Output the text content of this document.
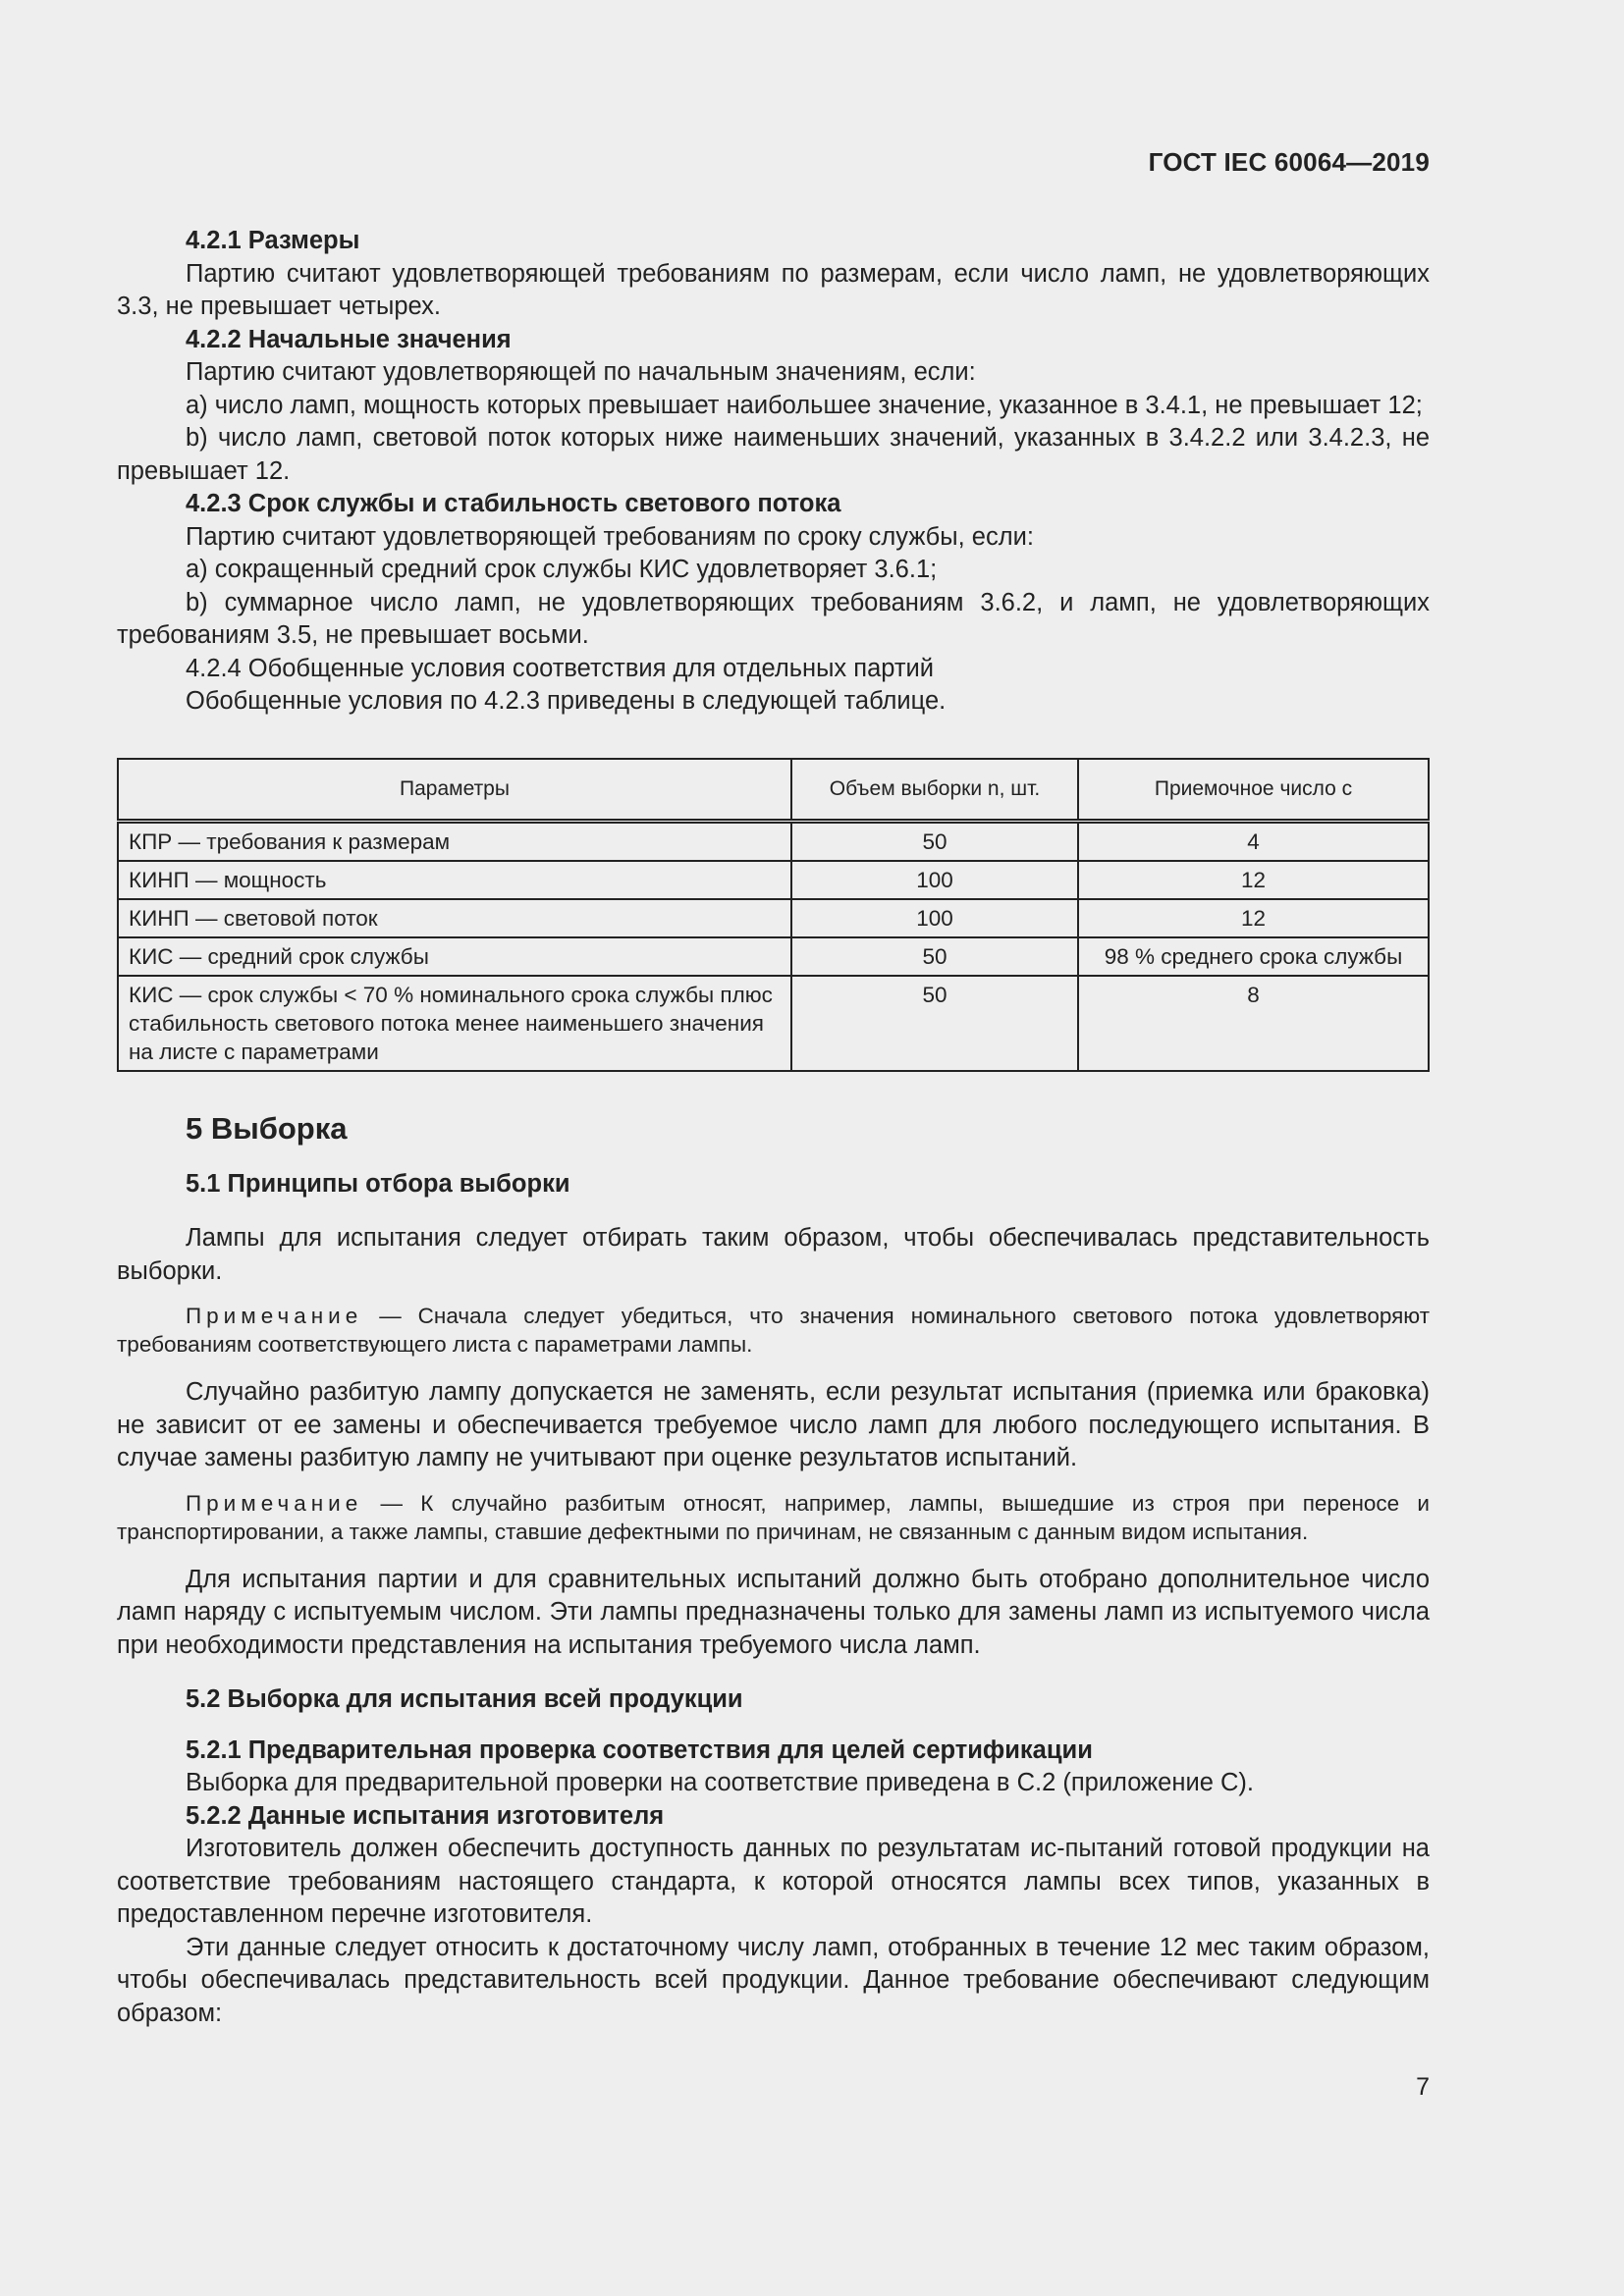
ГОСТ IEC 60064—2019

4.2.1 Размеры

Партию считают удовлетворяющей требованиям по размерам, если число ламп, не удовлетворяющих 3.3, не превышает четырех.

4.2.2 Начальные значения

Партию считают удовлетворяющей по начальным значениям, если:

а) число ламп, мощность которых превышает наибольшее значение, указанное в 3.4.1, не превышает 12;

b) число ламп, световой поток которых ниже наименьших значений, указанных в 3.4.2.2 или 3.4.2.3, не превышает 12.

4.2.3 Срок службы и стабильность светового потока

Партию считают удовлетворяющей требованиям по сроку службы, если:

а) сокращенный средний срок службы КИС удовлетворяет 3.6.1;

b) суммарное число ламп, не удовлетворяющих требованиям 3.6.2, и ламп, не удовлетворяющих требованиям 3.5, не превышает восьми.

4.2.4 Обобщенные условия соответствия для отдельных партий

Обобщенные условия по 4.2.3 приведены в следующей таблице.

Параметры	Объем выборки n, шт.	Приемочное число c
КПР — требования к размерам	50	4
КИНП — мощность	100	12
КИНП — световой поток	100	12
КИС — средний срок службы	50	98 % среднего срока службы
КИС — срок службы < 70 % номинального срока службы плюс стабильность светового потока менее наименьшего значения на листе с параметрами	50	8
5 Выборка

5.1 Принципы отбора выборки

Лампы для испытания следует отбирать таким образом, чтобы обеспечивалась представительность выборки.

Примечание — Сначала следует убедиться, что значения номинального светового потока удовлетворяют требованиям соответствующего листа с параметрами лампы.

Случайно разбитую лампу допускается не заменять, если результат испытания (приемка или браковка) не зависит от ее замены и обеспечивается требуемое число ламп для любого последующего испытания. В случае замены разбитую лампу не учитывают при оценке результатов испытаний.

Примечание — К случайно разбитым относят, например, лампы, вышедшие из строя при переносе и транспортировании, а также лампы, ставшие дефектными по причинам, не связанным с данным видом испытания.

Для испытания партии и для сравнительных испытаний должно быть отобрано дополнительное число ламп наряду с испытуемым числом. Эти лампы предназначены только для замены ламп из испытуемого числа при необходимости представления на испытания требуемого числа ламп.

5.2 Выборка для испытания всей продукции

5.2.1 Предварительная проверка соответствия для целей сертификации

Выборка для предварительной проверки на соответствие приведена в С.2 (приложение С).

5.2.2 Данные испытания изготовителя

Изготовитель должен обеспечить доступность данных по результатам ис-пытаний готовой продукции на соответствие требованиям настоящего стандарта, к которой относятся лампы всех типов, указанных в предоставленном перечне изготовителя.

Эти данные следует относить к достаточному числу ламп, отобранных в течение 12 мес таким образом, чтобы обеспечивалась представительность всей продукции. Данное требование обеспечивают следующим образом:

7
